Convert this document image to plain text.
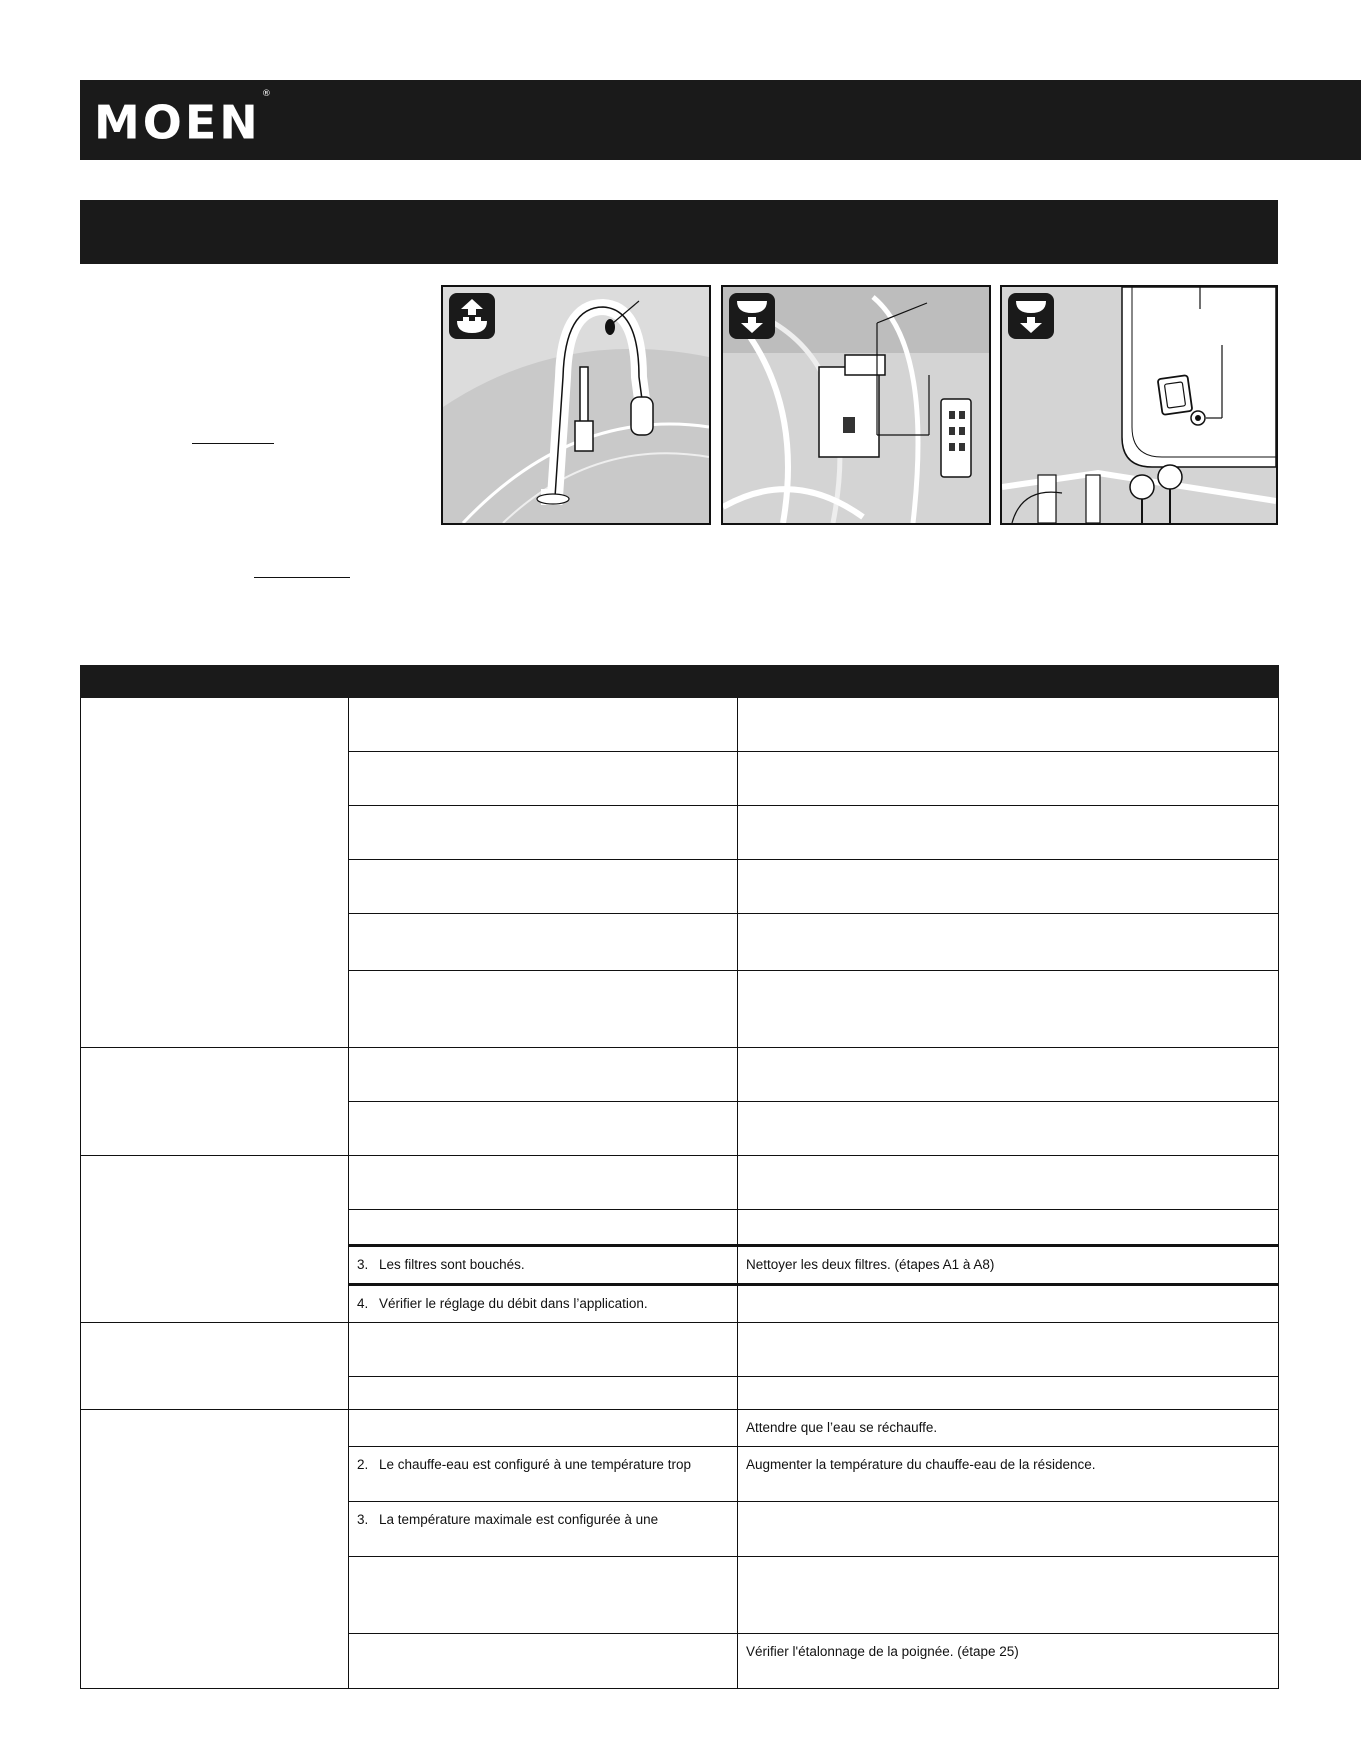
MOEN®

	3. Les filtres sont bouchés.	Nettoyer les deux filtres. (étapes A1 à A8)
	4. Vérifier le réglage du débit dans l’application.	

		Attendre que l’eau se réchauffe.
	2. Le chauffe-eau est configuré à une température trop	Augmenter la température du chauffe-eau de la résidence.
	3. La température maximale est configurée à une	

		Vérifier l'étalonnage de la poignée. (étape 25)
